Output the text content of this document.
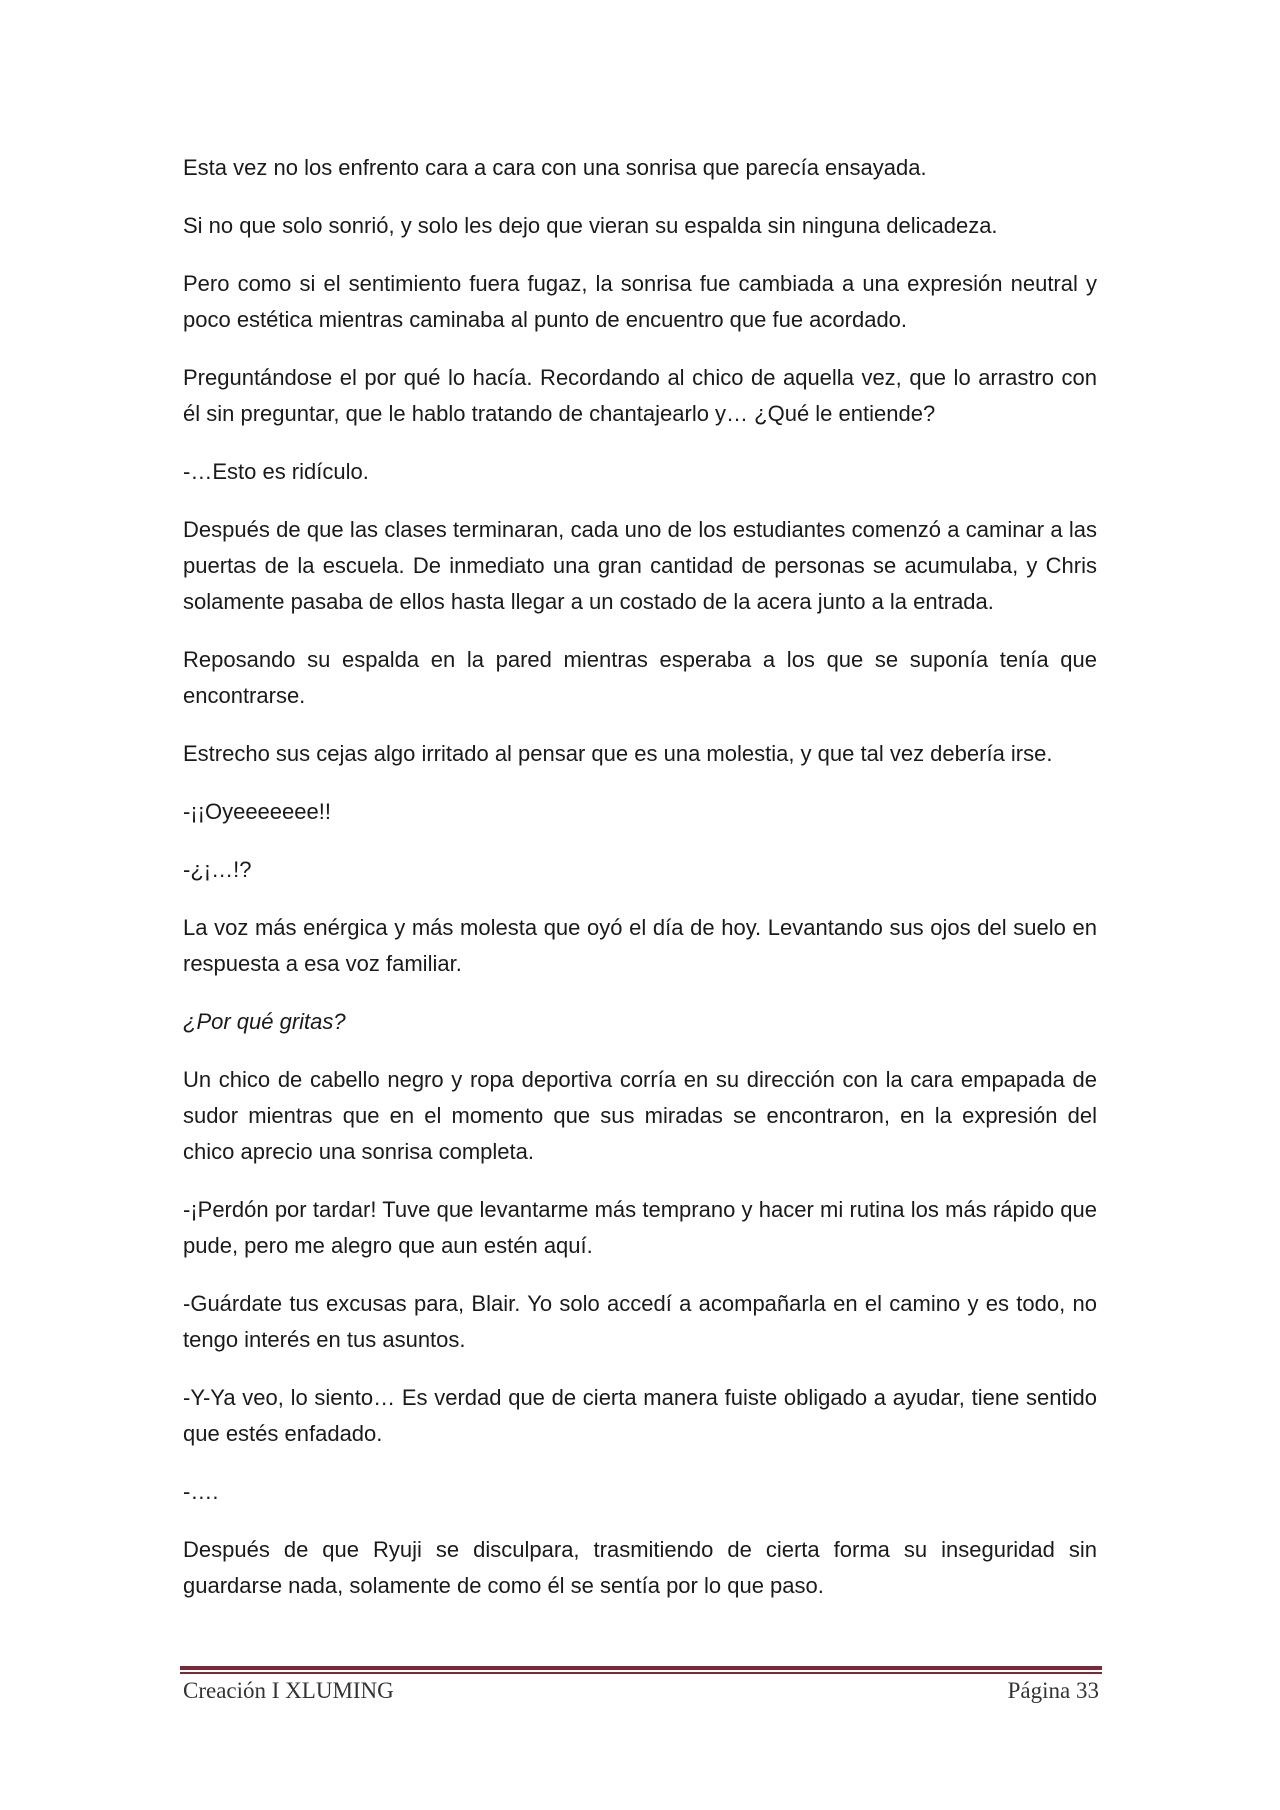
Esta vez no los enfrento cara a cara con una sonrisa que parecía ensayada.

Si no que solo sonrió, y solo les dejo que vieran su espalda sin ninguna delicadeza.

Pero como si el sentimiento fuera fugaz, la sonrisa fue cambiada a una expresión neutral y poco estética mientras caminaba al punto de encuentro que fue acordado.

Preguntándose el por qué lo hacía. Recordando al chico de aquella vez, que lo arrastro con él sin preguntar, que le hablo tratando de chantajearlo y… ¿Qué le entiende?

-…Esto es ridículo.

Después de que las clases terminaran, cada uno de los estudiantes comenzó a caminar a las puertas de la escuela. De inmediato una gran cantidad de personas se acumulaba, y Chris solamente pasaba de ellos hasta llegar a un costado de la acera junto a la entrada.

Reposando su espalda en la pared mientras esperaba a los que se suponía tenía que encontrarse.

Estrecho sus cejas algo irritado al pensar que es una molestia, y que tal vez debería irse.

-¡¡Oyeeeeeee!!

-¿¡…!?

La voz más enérgica y más molesta que oyó el día de hoy. Levantando sus ojos del suelo en respuesta a esa voz familiar.

¿Por qué gritas?

Un chico de cabello negro y ropa deportiva corría en su dirección con la cara empapada de sudor mientras que en el momento que sus miradas se encontraron, en la expresión del chico aprecio una sonrisa completa.

-¡Perdón por tardar! Tuve que levantarme más temprano y hacer mi rutina los más rápido que pude, pero me alegro que aun estén aquí.

-Guárdate tus excusas para, Blair. Yo solo accedí a acompañarla en el camino y es todo, no tengo interés en tus asuntos.

-Y-Ya veo, lo siento… Es verdad que de cierta manera fuiste obligado a ayudar, tiene sentido que estés enfadado.

-….

Después de que Ryuji se disculpara, trasmitiendo de cierta forma su inseguridad sin guardarse nada, solamente de como él se sentía por lo que paso.

Creación I XLUMING	Página 33
